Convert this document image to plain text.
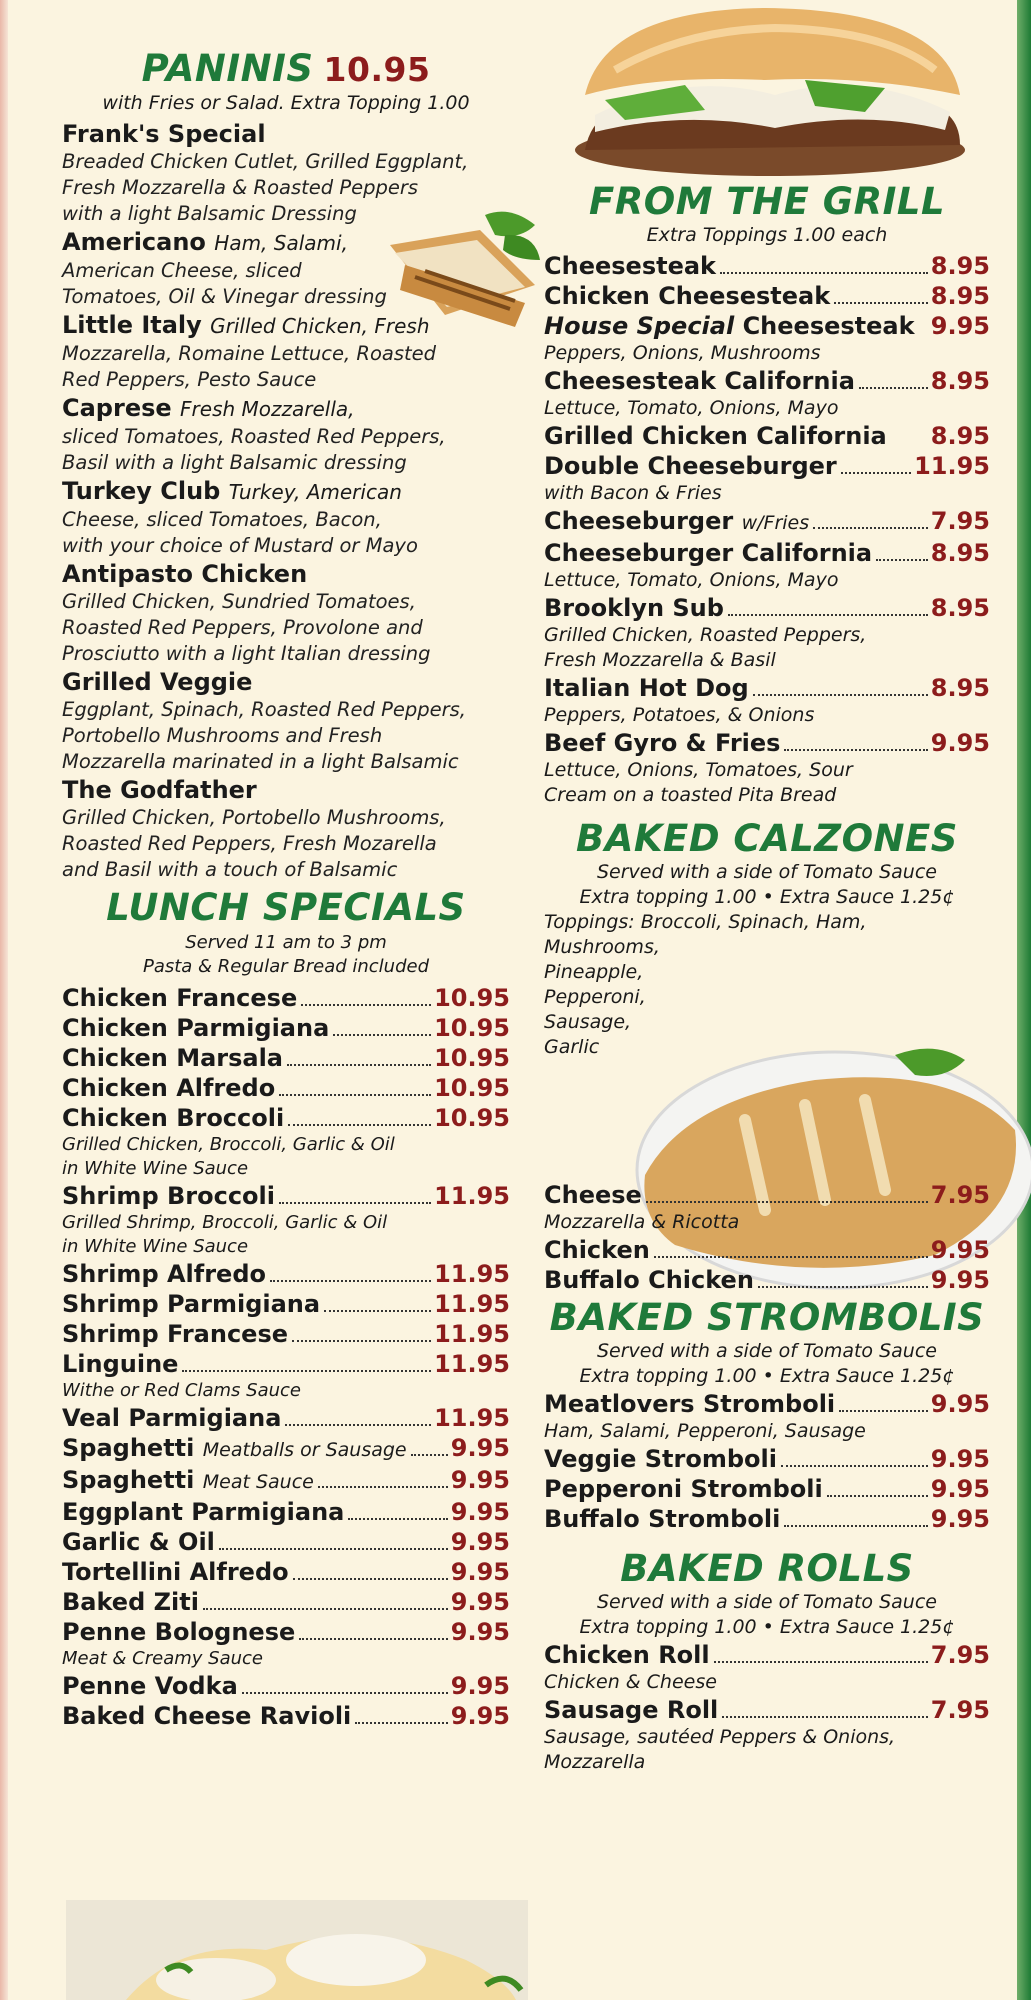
PANINIS 10.95

with Fries or Salad. Extra Topping 1.00

Frank's Special
Breaded Chicken Cutlet, Grilled Eggplant,
Fresh Mozzarella & Roasted Peppers
with a light Balsamic Dressing
Americano Ham, Salami,
American Cheese, sliced
Tomatoes, Oil & Vinegar dressing
Little Italy Grilled Chicken, Fresh
Mozzarella, Romaine Lettuce, Roasted
Red Peppers, Pesto Sauce
Caprese Fresh Mozzarella,
sliced Tomatoes, Roasted Red Peppers,
Basil with a light Balsamic dressing
Turkey Club Turkey, American
Cheese, sliced Tomatoes, Bacon,
with your choice of Mustard or Mayo
Antipasto Chicken
Grilled Chicken, Sundried Tomatoes,
Roasted Red Peppers, Provolone and
Prosciutto with a light Italian dressing
Grilled Veggie
Eggplant, Spinach, Roasted Red Peppers,
Portobello Mushrooms and Fresh
Mozzarella marinated in a light Balsamic
The Godfather
Grilled Chicken, Portobello Mushrooms,
Roasted Red Peppers, Fresh Mozarella
and Basil with a touch of Balsamic
LUNCH SPECIALS

Served 11 am to 3 pm

Pasta & Regular Bread included

Chicken Francese	10.95
Chicken Parmigiana	10.95
Chicken Marsala	10.95
Chicken Alfredo	10.95
Chicken Broccoli	10.95
Grilled Chicken, Broccoli, Garlic & Oil
in White Wine Sauce
Shrimp Broccoli	11.95
Grilled Shrimp, Broccoli, Garlic & Oil
in White Wine Sauce
Shrimp Alfredo	11.95
Shrimp Parmigiana	11.95
Shrimp Francese	11.95
Linguine	11.95
Withe or Red Clams Sauce
Veal Parmigiana	11.95
Spaghetti Meatballs or Sausage 9.95
Spaghetti Meat Sauce	9.95
Eggplant Parmigiana	9.95
Garlic & Oil	9.95
Tortellini Alfredo	9.95
Baked Ziti	9.95
Penne Bolognese	9.95
Meat & Creamy Sauce
Penne Vodka	9.95
Baked Cheese Ravioli	9.95
FROM THE GRILL

Extra Toppings 1.00 each

Cheesesteak	8.95
Chicken Cheesesteak	8.95
House Special Cheesesteak 9.95
Peppers, Onions, Mushrooms
Cheesesteak California	8.95
Lettuce, Tomato, Onions, Mayo
Grilled Chicken California 8.95
Double Cheeseburger	11.95
with Bacon & Fries
Cheeseburger w/Fries	7.95
Cheeseburger California 8.95
Lettuce, Tomato, Onions, Mayo
Brooklyn Sub	8.95
Grilled Chicken, Roasted Peppers,
Fresh Mozzarella & Basil
Italian Hot Dog	8.95
Peppers, Potatoes, & Onions
Beef Gyro & Fries	9.95
Lettuce, Onions, Tomatoes, Sour
Cream on a toasted Pita Bread
BAKED CALZONES

Served with a side of Tomato Sauce

Extra topping 1.00 • Extra Sauce 1.25¢

Toppings: Broccoli, Spinach, Ham,
Mushrooms,
Pineapple,
Pepperoni,
Sausage,
Garlic
Cheese	7.95
Mozzarella & Ricotta
Chicken	9.95
Buffalo Chicken	9.95
BAKED STROMBOLIS

Served with a side of Tomato Sauce

Extra topping 1.00 • Extra Sauce 1.25¢

Meatlovers Stromboli	9.95
Ham, Salami, Pepperoni, Sausage
Veggie Stromboli	9.95
Pepperoni Stromboli	9.95
Buffalo Stromboli	9.95
BAKED ROLLS

Served with a side of Tomato Sauce

Extra topping 1.00 • Extra Sauce 1.25¢

Chicken Roll	7.95
Chicken & Cheese
Sausage Roll	7.95
Sausage, sautéed Peppers & Onions,
Mozzarella
